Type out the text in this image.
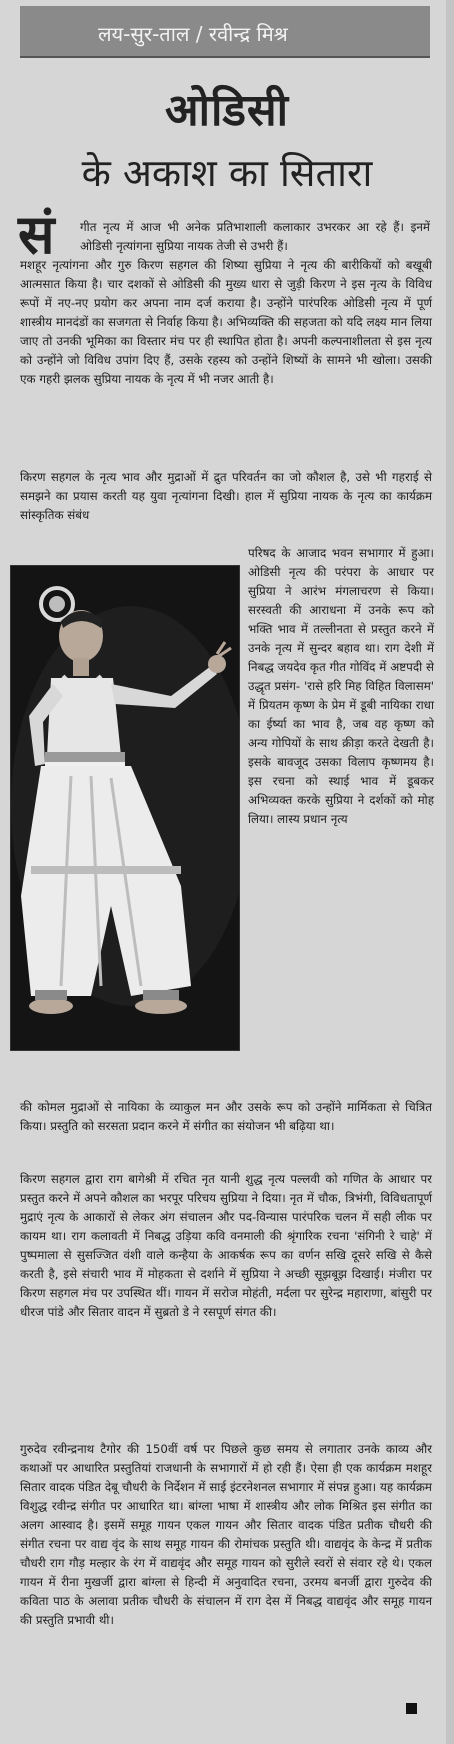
लय-सुर-ताल / रवीन्द्र मिश्र
ओडिसी
के अकाश का सितारा
सं गीत नृत्य में आज भी अनेक प्रतिभाशाली कलाकार उभरकर आ रहे हैं। इनमें ओडिसी नृत्यांगना सुप्रिया नायक तेजी से उभरी हैं।
मशहूर नृत्यांगना और गुरु किरण सहगल की शिष्या सुप्रिया ने नृत्य की बारीकियों को बखूबी आत्मसात किया है। चार दशकों से ओडिसी की मुख्य धारा से जुड़ी किरण ने इस नृत्य के विविध रूपों में नए-नए प्रयोग कर अपना नाम दर्ज कराया है। उन्होंने पारंपरिक ओडिसी नृत्य में पूर्ण शास्त्रीय मानदंडों का सजगता से निर्वाह किया है। अभिव्यक्ति की सहजता को यदि लक्ष्य मान लिया जाए तो उनकी भूमिका का विस्तार मंच पर ही स्थापित होता है। अपनी कल्पनाशीलता से इस नृत्य को उन्होंने जो विविध उपांग दिए हैं, उसके रहस्य को उन्होंने शिष्यों के सामने भी खोला। उसकी एक गहरी झलक सुप्रिया नायक के नृत्य में भी नजर आती है।
किरण सहगल के नृत्य भाव और मुद्राओं में द्रुत परिवर्तन का जो कौशल है, उसे भी गहराई से समझने का प्रयास करती यह युवा नृत्यांगना दिखी। हाल में सुप्रिया नायक के नृत्य का कार्यक्रम सांस्कृतिक संबंध
परिषद के आजाद भवन सभागार में हुआ। ओडिसी नृत्य की परंपरा के आधार पर सुप्रिया ने आरंभ मंगलाचरण से किया। सरस्वती की आराधना में उनके रूप को भक्ति भाव में तल्लीनता से प्रस्तुत करने में उनके नृत्य में सुन्दर बहाव था। राग देशी में निबद्ध जयदेव कृत गीत गोविंद में अष्टपदी से उद्धृत प्रसंग- 'रासे हरि मिह विहित विलासम' में प्रियतम कृष्ण के प्रेम में डूबी नायिका राधा का ईर्ष्या का भाव है, जब वह कृष्ण को अन्य गोपियों के साथ क्रीड़ा करते देखती है। इसके बावजूद उसका विलाप कृष्णमय है। इस रचना को स्थाई भाव में डूबकर अभिव्यक्त करके सुप्रिया ने दर्शकों को मोह लिया। लास्य प्रधान नृत्य
की कोमल मुद्राओं से नायिका के व्याकुल मन और उसके रूप को उन्होंने मार्मिकता से चित्रित किया। प्रस्तुति को सरसता प्रदान करने में संगीत का संयोजन भी बढ़िया था।
किरण सहगल द्वारा राग बागेश्री में रचित नृत यानी शुद्ध नृत्य पल्लवी को गणित के आधार पर प्रस्तुत करने में अपने कौशल का भरपूर परिचय सुप्रिया ने दिया। नृत में चौक, त्रिभंगी, विविधतापूर्ण मुद्राएं नृत्य के आकारों से लेकर अंग संचालन और पद-विन्यास पारंपरिक चलन में सही लीक पर कायम था। राग कलावती में निबद्ध उड़िया कवि वनमाली की श्रृंगारिक रचना 'संगिनी रे चाहे' में पुष्पमाला से सुसज्जित वंशी वाले कन्हैया के आकर्षक रूप का वर्णन सखि दूसरे सखि से कैसे करती है, इसे संचारी भाव में मोहकता से दर्शाने में सुप्रिया ने अच्छी सूझबूझ दिखाई। मंजीरा पर किरण सहगल मंच पर उपस्थित थीं। गायन में सरोज मोहंती, मर्दला पर सुरेन्द्र महाराणा, बांसुरी पर धीरज पांडे और सितार वादन में सुब्रतो डे ने रसपूर्ण संगत की।
गुरुदेव रवीन्द्रनाथ टैगोर की 150वीं वर्ष पर पिछले कुछ समय से लगातार उनके काव्य और कथाओं पर आधारित प्रस्तुतियां राजधानी के सभागारों में हो रही हैं। ऐसा ही एक कार्यक्रम मशहूर सितार वादक पंडित देबू चौधरी के निर्देशन में साई इंटरनेशनल सभागार में संपन्न हुआ। यह कार्यक्रम विशुद्ध रवीन्द्र संगीत पर आधारित था। बांग्ला भाषा में शास्त्रीय और लोक मिश्रित इस संगीत का अलग आस्वाद है। इसमें समूह गायन एकल गायन और सितार वादक पंडित प्रतीक चौधरी की संगीत रचना पर वाद्य वृंद के साथ समूह गायन की रोमांचक प्रस्तुति थी। वाद्यवृंद के केन्द्र में प्रतीक चौधरी राग गौड़ मल्हार के रंग में वाद्यवृंद और समूह गायन को सुरीले स्वरों से संवार रहे थे। एकल गायन में रीना मुखर्जी द्वारा बांग्ला से हिन्दी में अनुवादित रचना, उरमय बनर्जी द्वारा गुरुदेव की कविता पाठ के अलावा प्रतीक चौधरी के संचालन में राग देस में निबद्ध वाद्यवृंद और समूह गायन की प्रस्तुति प्रभावी थी।
